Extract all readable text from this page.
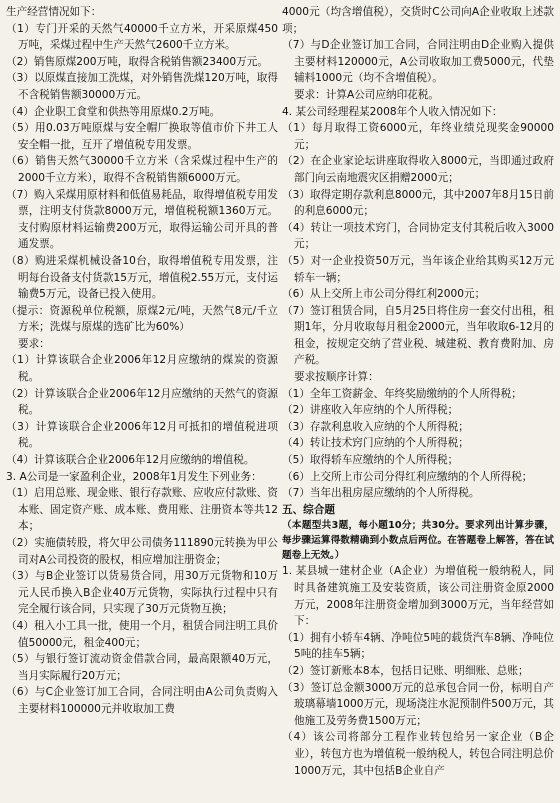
生产经营情况如下：

（1）专门开采的天然气40000千立方米，开采原煤450万吨，采煤过程中生产天然气2600千立方米。

（2）销售原煤200万吨，取得含税销售额23400万元。

（3）以原煤直接加工洗煤，对外销售洗煤120万吨，取得不含税销售额30000万元。

（4）企业职工食堂和供热等用原煤0.2万吨。

（5）用0.03万吨原煤与安全帽厂换取等值市价下井工人安全帽一批，互开了增值税专用发票。

（6）销售天然气30000千立方米（含采煤过程中生产的2000千立方米），取得不含税销售额6000万元。

（7）购入采煤用原材料和低值易耗品，取得增值税专用发票，注明支付货款8000万元，增值税税额1360万元。支付购原材料运输费200万元，取得运输公司开具的普通发票。

（8）购进采煤机械设备10台，取得增值税专用发票，注明每台设备支付货款15万元，增值税2.55万元，支付运输费5万元，设备已投入使用。

（提示：资源税单位税额，原煤2元/吨，天然气8元/千立方米；洗煤与原煤的选矿比为60%）

要求：

（1）计算该联合企业2006年12月应缴纳的煤炭的资源税。

（2）计算该联合企业2006年12月应缴纳的天然气的资源税。

（3）计算该联合企业2006年12月可抵扣的增值税进项税。

（4）计算该联合企业2006年12月应缴纳的增值税。

3. A公司是一家盈利企业，2008年1月发生下列业务：

（1）启用总账、现金账、银行存款账、应收应付款账、资本账、固定资产账、成本账、费用账、注册资本等共12本；

（2）实施债转股，将欠甲公司债务111890元转换为甲公司对A公司投资的股权，相应增加注册资金；

（3）与B企业签订以货易货合同，用30万元货物和10万元人民币换入B企业40万元货物，实际执行过程中只有完全履行该合同，只实现了30万元货物互换；

（4）租入小工具一批，使用一个月，租赁合同注明工具价值50000元，租金400元；

（5）与银行签订流动资金借款合同，最高限额40万元，当月实际履行20万元；

（6）与C企业签订加工合同，合同注明由A公司负责购入主要材料100000元并收取加工费

4000元（均含增值税），交货时C公司向A企业收取上述款项；

（7）与D企业签订加工合同，合同注明由D企业购入提供主要材料120000元，A公司收取加工费5000元，代垫辅料1000元（均不含增值税）。

要求：计算A公司应纳印花税。

4. 某公司经理程某2008年个人收入情况如下：

（1）每月取得工资6000元，年终业绩兑现奖金90000元；

（2）在企业家论坛讲座取得收入8000元，当即通过政府部门向云南地震灾区捐赠2000元；

（3）取得定期存款利息8000元，其中2007年8月15日前的利息6000元；

（4）转让一项技术窍门，合同协定支付其税后收入3000元；

（5）对一企业投资50万元，当年该企业给其购买12万元轿车一辆；

（6）从上交所上市公司分得红利2000元；

（7）签订租赁合同，自5月25日将住房一套交付出租，租期1年，分月收取每月租金2000元，当年收取6-12月的租金，按规定交纳了营业税、城建税、教育费附加、房产税。

要求按顺序计算：

（1）全年工资薪金、年终奖励缴纳的个人所得税；

（2）讲座收入年应纳的个人所得税；

（3）存款利息收入应纳的个人所得税；

（4）转让技术窍门应纳的个人所得税；

（5）取得轿车应缴纳的个人所得税；

（6）上交所上市公司分得红利应缴纳的个人所得税；

（7）当年出租房屋应缴纳的个人所得税。

五、综合题

（本题型共3题，每小题10分；共30分。要求列出计算步骤，每步骤运算得数精确到小数点后两位。在答题卷上解答，答在试题卷上无效。）

1. 某县城一建材企业（A企业）为增值税一般纳税人，同时具备建筑施工及安装资质，该公司注册资金原2000万元，2008年注册资金增加到3000万元，当年经营如下：

（1）拥有小轿车4辆、净吨位5吨的载货汽车8辆、净吨位5吨的挂车5辆；

（2）签订新账本8本，包括日记账、明细账、总账；

（3）签订总金额3000万元的总承包合同一份，标明自产玻璃幕墙1000万元，现场浇注水泥预制件500万元，其他施工及劳务费1500万元；

（4）该公司将部分工程作业转包给另一家企业（B企业），转包方也为增值税一般纳税人，转包合同注明总价1000万元，其中包括B企业自产
